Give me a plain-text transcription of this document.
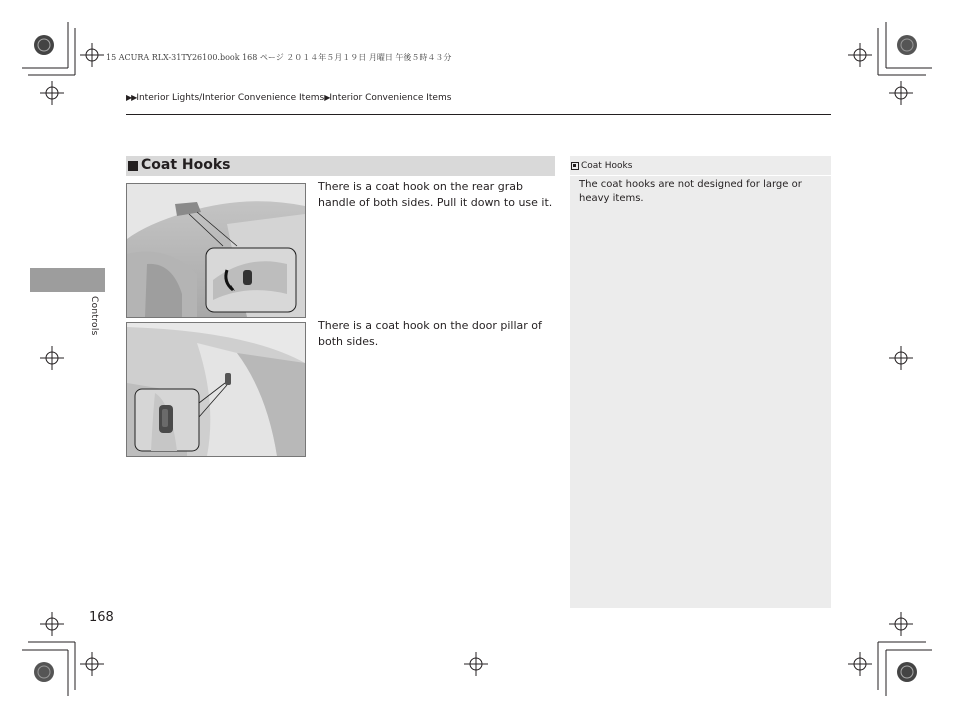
15 ACURA RLX-31TY26100.book 168 ページ ２０１４年５月１９日 月曜日 午後５時４３分
▶▶Interior Lights/Interior Convenience Items▶Interior Convenience Items
Controls
Coat Hooks
There is a coat hook on the rear grab handle of both sides. Pull it down to use it.
There is a coat hook on the door pillar of both sides.
Coat Hooks
The coat hooks are not designed for large or heavy items.
168
